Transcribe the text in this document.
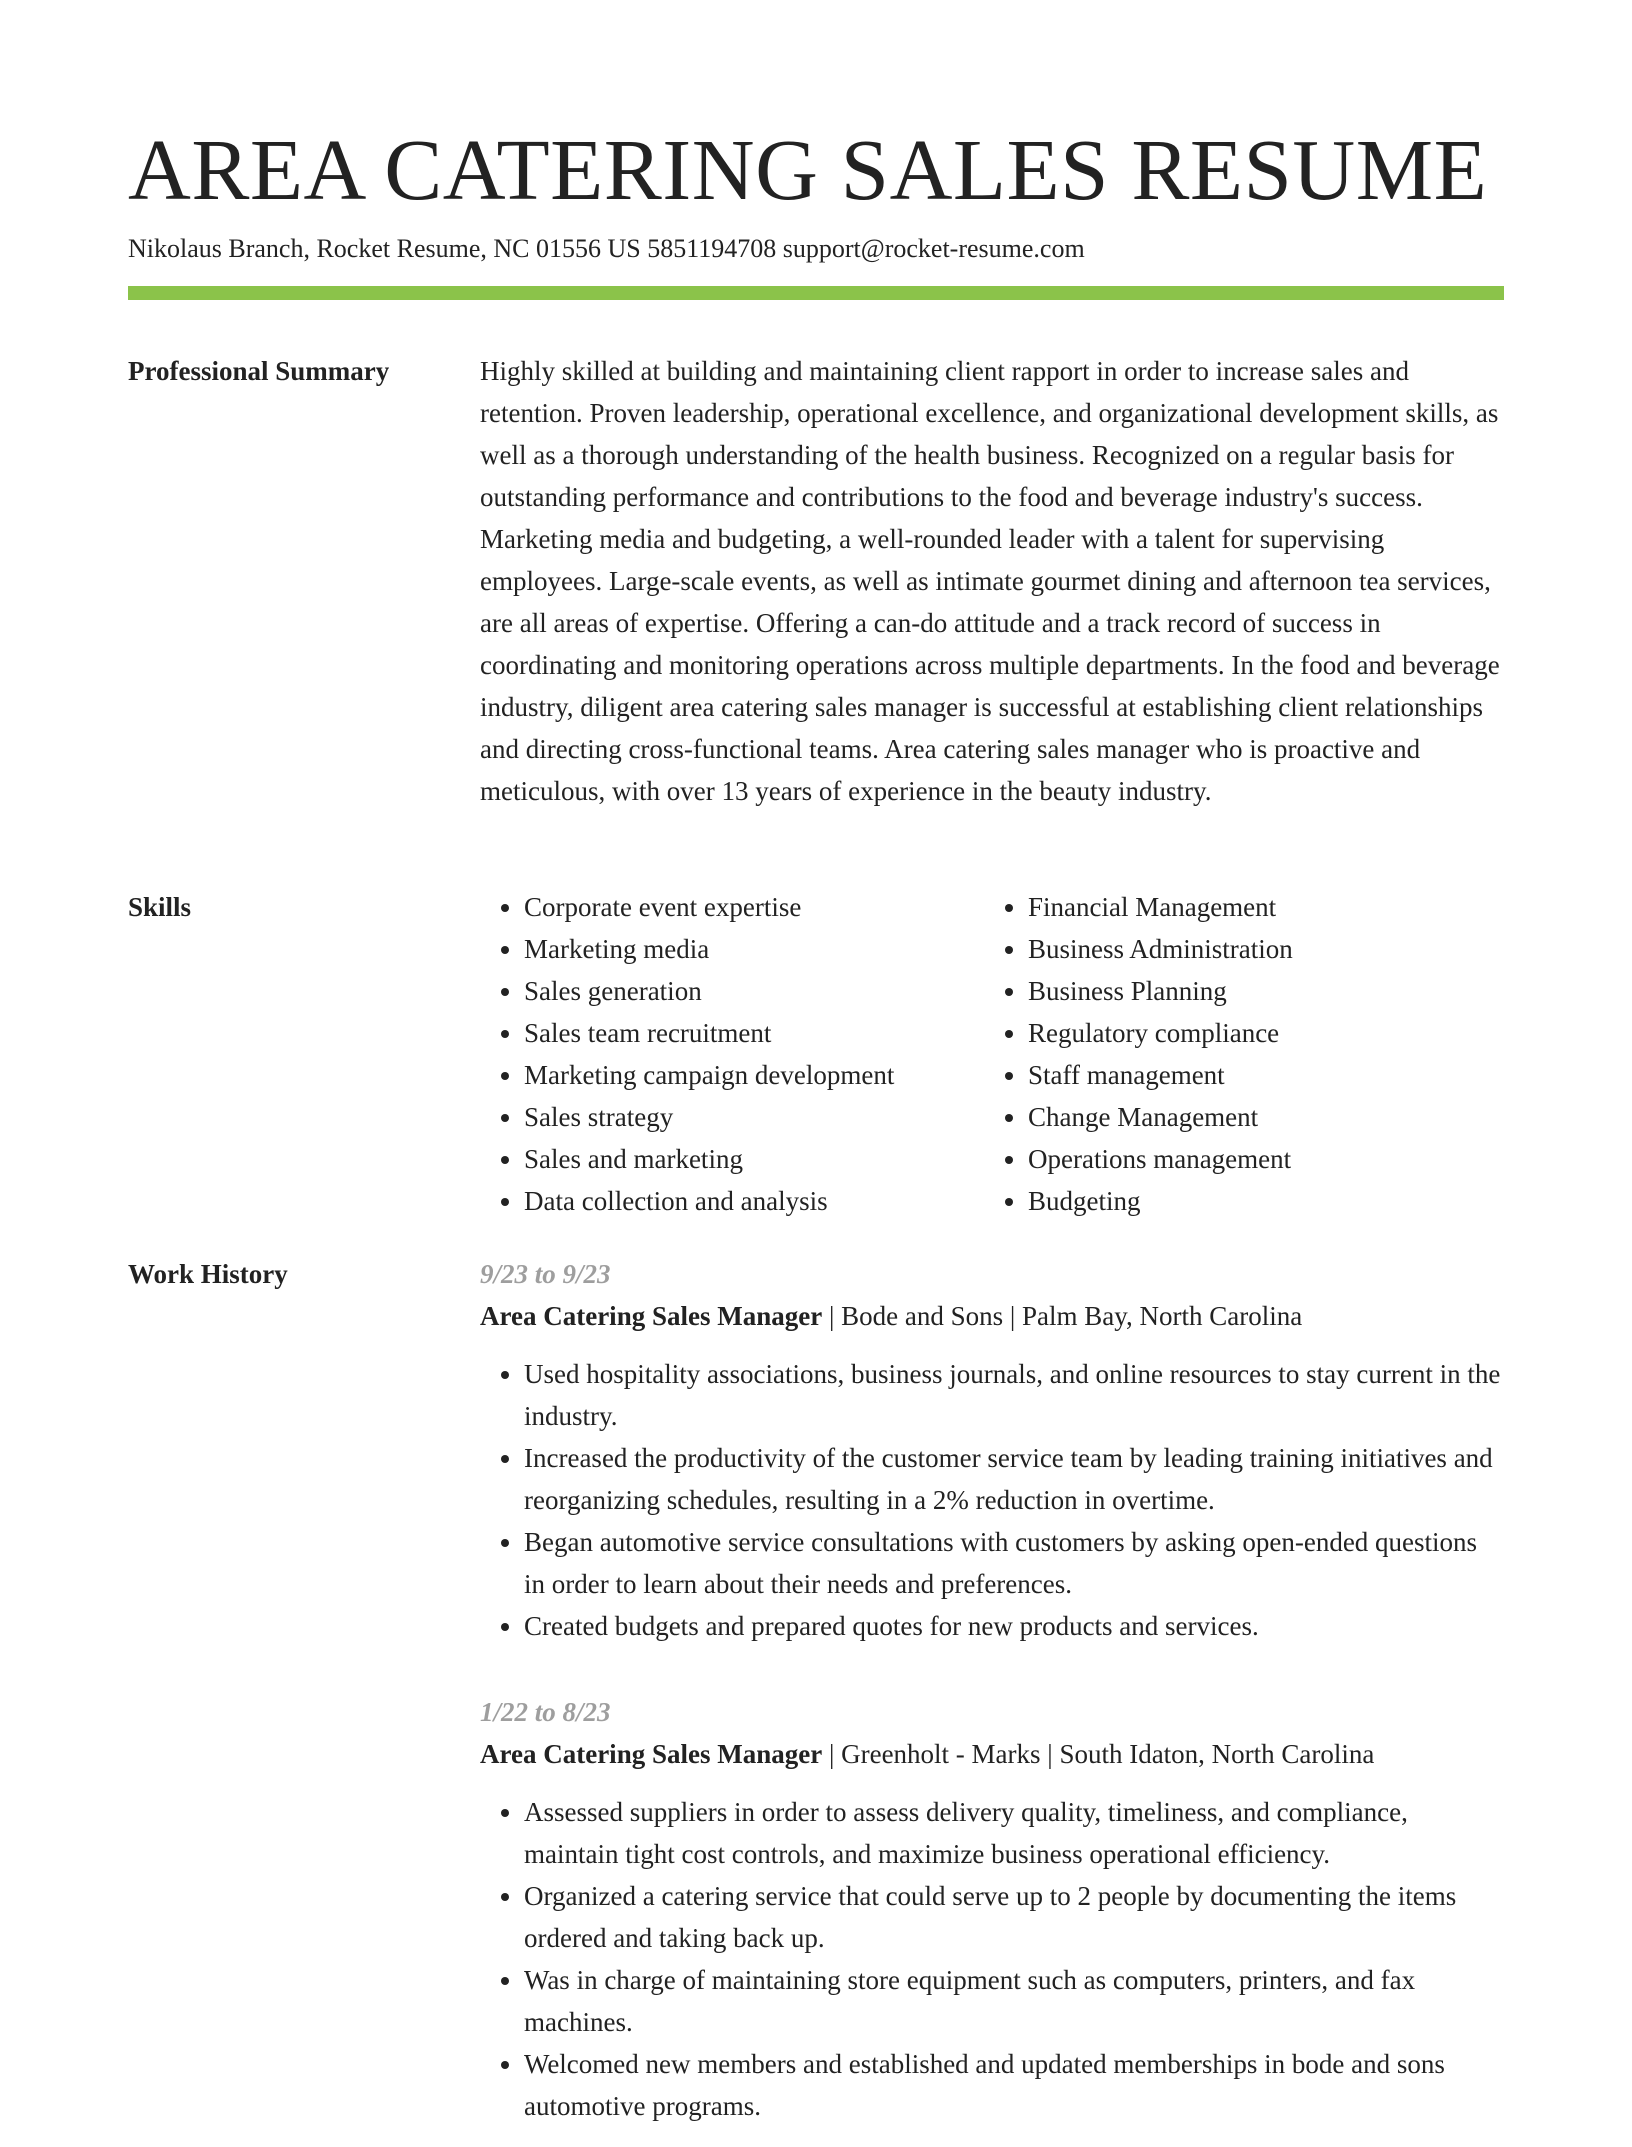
AREA CATERING SALES RESUME
Nikolaus Branch, Rocket Resume, NC 01556 US 5851194708 support@rocket-resume.com
Professional Summary	Highly skilled at building and maintaining client rapport in order to increase sales and retention. Proven leadership, operational excellence, and organizational development skills, as well as a thorough understanding of the health business. Recognized on a regular basis for outstanding performance and contributions to the food and beverage industry's success. Marketing media and budgeting, a well-rounded leader with a talent for supervising employees. Large-scale events, as well as intimate gourmet dining and afternoon tea services, are all areas of expertise. Offering a can-do attitude and a track record of success in coordinating and monitoring operations across multiple departments. In the food and beverage industry, diligent area catering sales manager is successful at establishing client relationships and directing cross-functional teams. Area catering sales manager who is proactive and meticulous, with over 13 years of experience in the beauty industry.

Skills
•	Corporate event expertise
• Marketing media
• Sales generation
• Sales team recruitment
• Marketing campaign development
• Sales strategy
• Sales and marketing
• Data collection and analysis
• Financial Management
• Business Administration
• Business Planning
• Regulatory compliance
• Staff management
• Change Management
• Operations management
• Budgeting
Work History	9/23 to 9/23
Area Catering Sales Manager | Bode and Sons | Palm Bay, North Carolina
• Used hospitality associations, business journals, and online resources to stay current in the industry.
• Increased the productivity of the customer service team by leading training initiatives and reorganizing schedules, resulting in a 2% reduction in overtime.
• Began automotive service consultations with customers by asking open-ended questions in order to learn about their needs and preferences.
• Created budgets and prepared quotes for new products and services.
1/22 to 8/23
Area Catering Sales Manager | Greenholt - Marks | South Idaton, North Carolina
• Assessed suppliers in order to assess delivery quality, timeliness, and compliance, maintain tight cost controls, and maximize business operational efficiency.
• Organized a catering service that could serve up to 2 people by documenting the items ordered and taking back up.
• Was in charge of maintaining store equipment such as computers, printers, and fax machines.
• Welcomed new members and established and updated memberships in bode and sons automotive programs.
